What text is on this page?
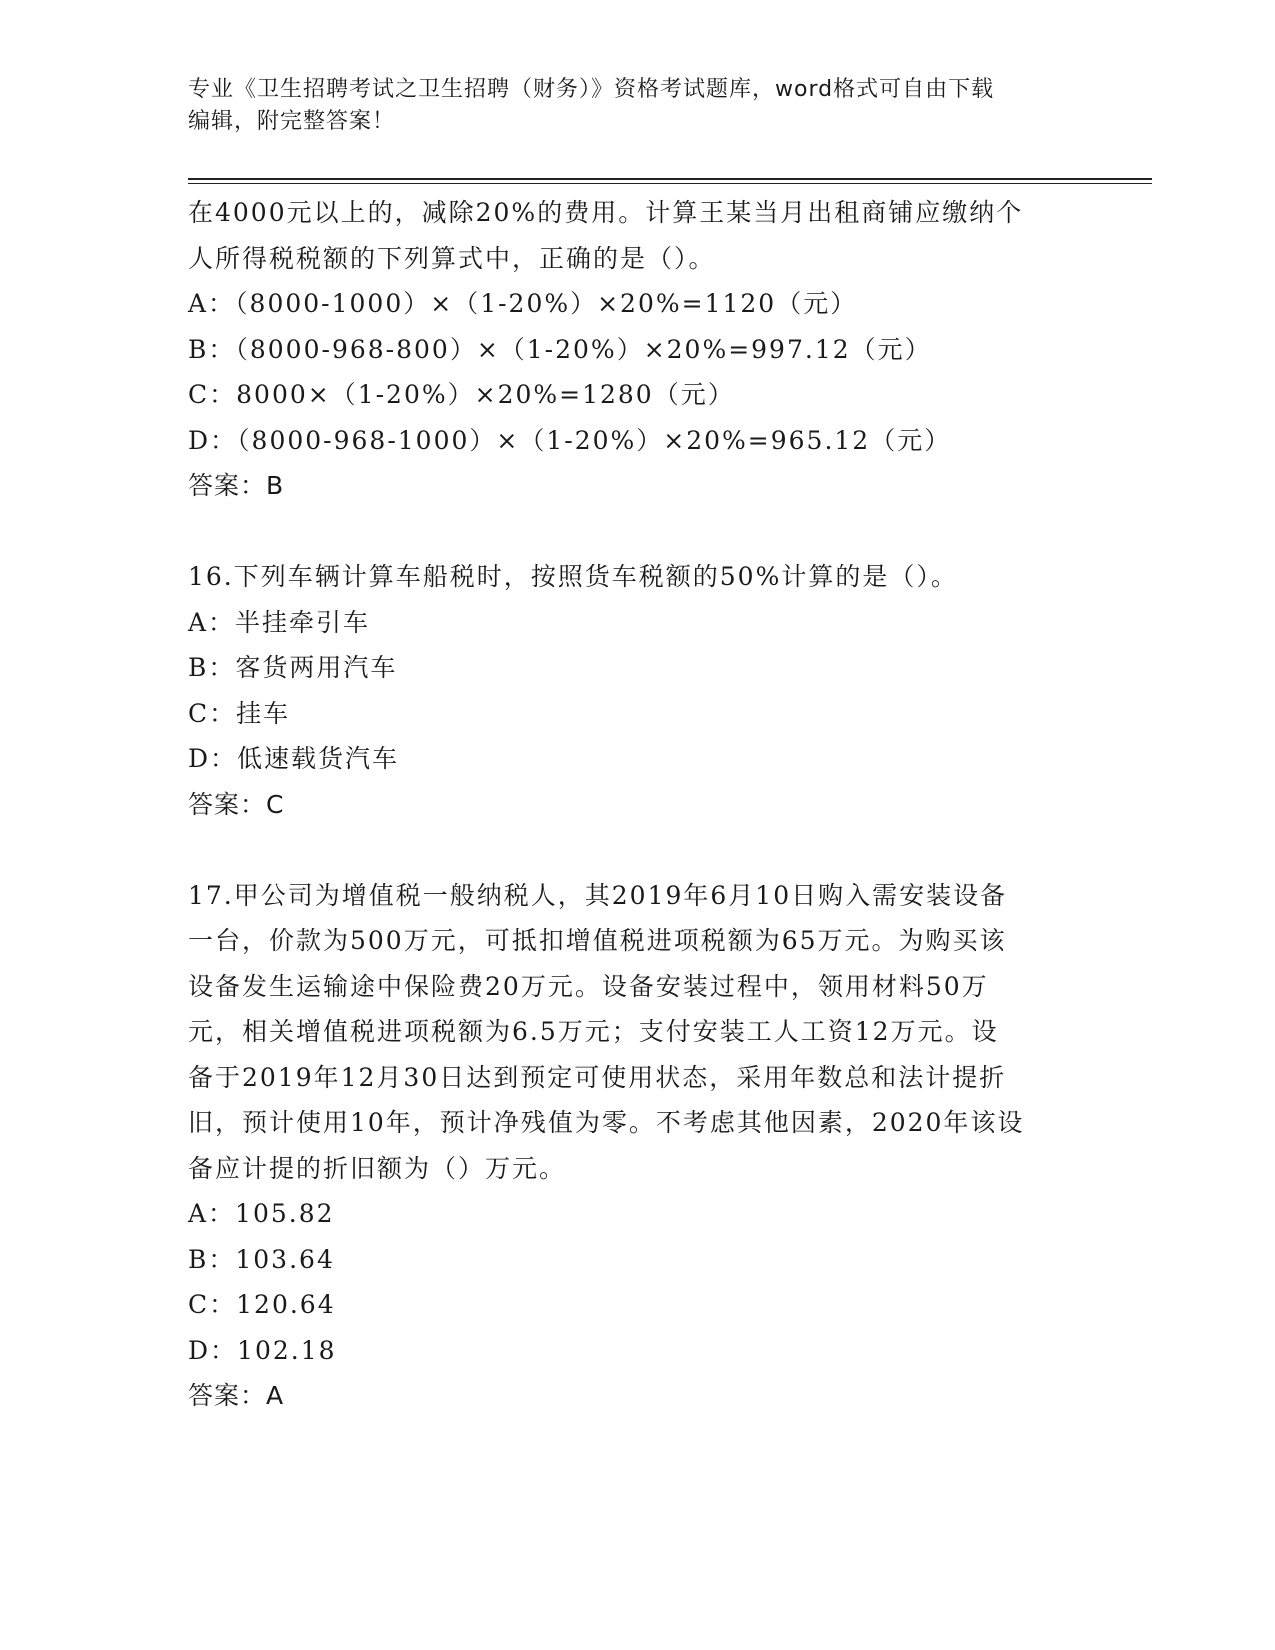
专业《卫生招聘考试之卫生招聘（财务）》资格考试题库，word格式可自由下载
编辑，附完整答案！
在4000元以上的，减除20%的费用。计算王某当月出租商铺应缴纳个
人所得税税额的下列算式中，正确的是（）。
A：（8000-1000）×（1-20%）×20%=1120（元）
B：（8000-968-800）×（1-20%）×20%=997.12（元）
C：8000×（1-20%）×20%=1280（元）
D：（8000-968-1000）×（1-20%）×20%=965.12（元）
答案：B
16.下列车辆计算车船税时，按照货车税额的50%计算的是（）。
A：半挂牵引车
B：客货两用汽车
C：挂车
D：低速载货汽车
答案：C
17.甲公司为增值税一般纳税人，其2019年6月10日购入需安装设备
一台，价款为500万元，可抵扣增值税进项税额为65万元。为购买该
设备发生运输途中保险费20万元。设备安装过程中，领用材料50万
元，相关增值税进项税额为6.5万元；支付安装工人工资12万元。设
备于2019年12月30日达到预定可使用状态，采用年数总和法计提折
旧，预计使用10年，预计净残值为零。不考虑其他因素，2020年该设
备应计提的折旧额为（）万元。
A：105.82
B：103.64
C：120.64
D：102.18
答案：A
